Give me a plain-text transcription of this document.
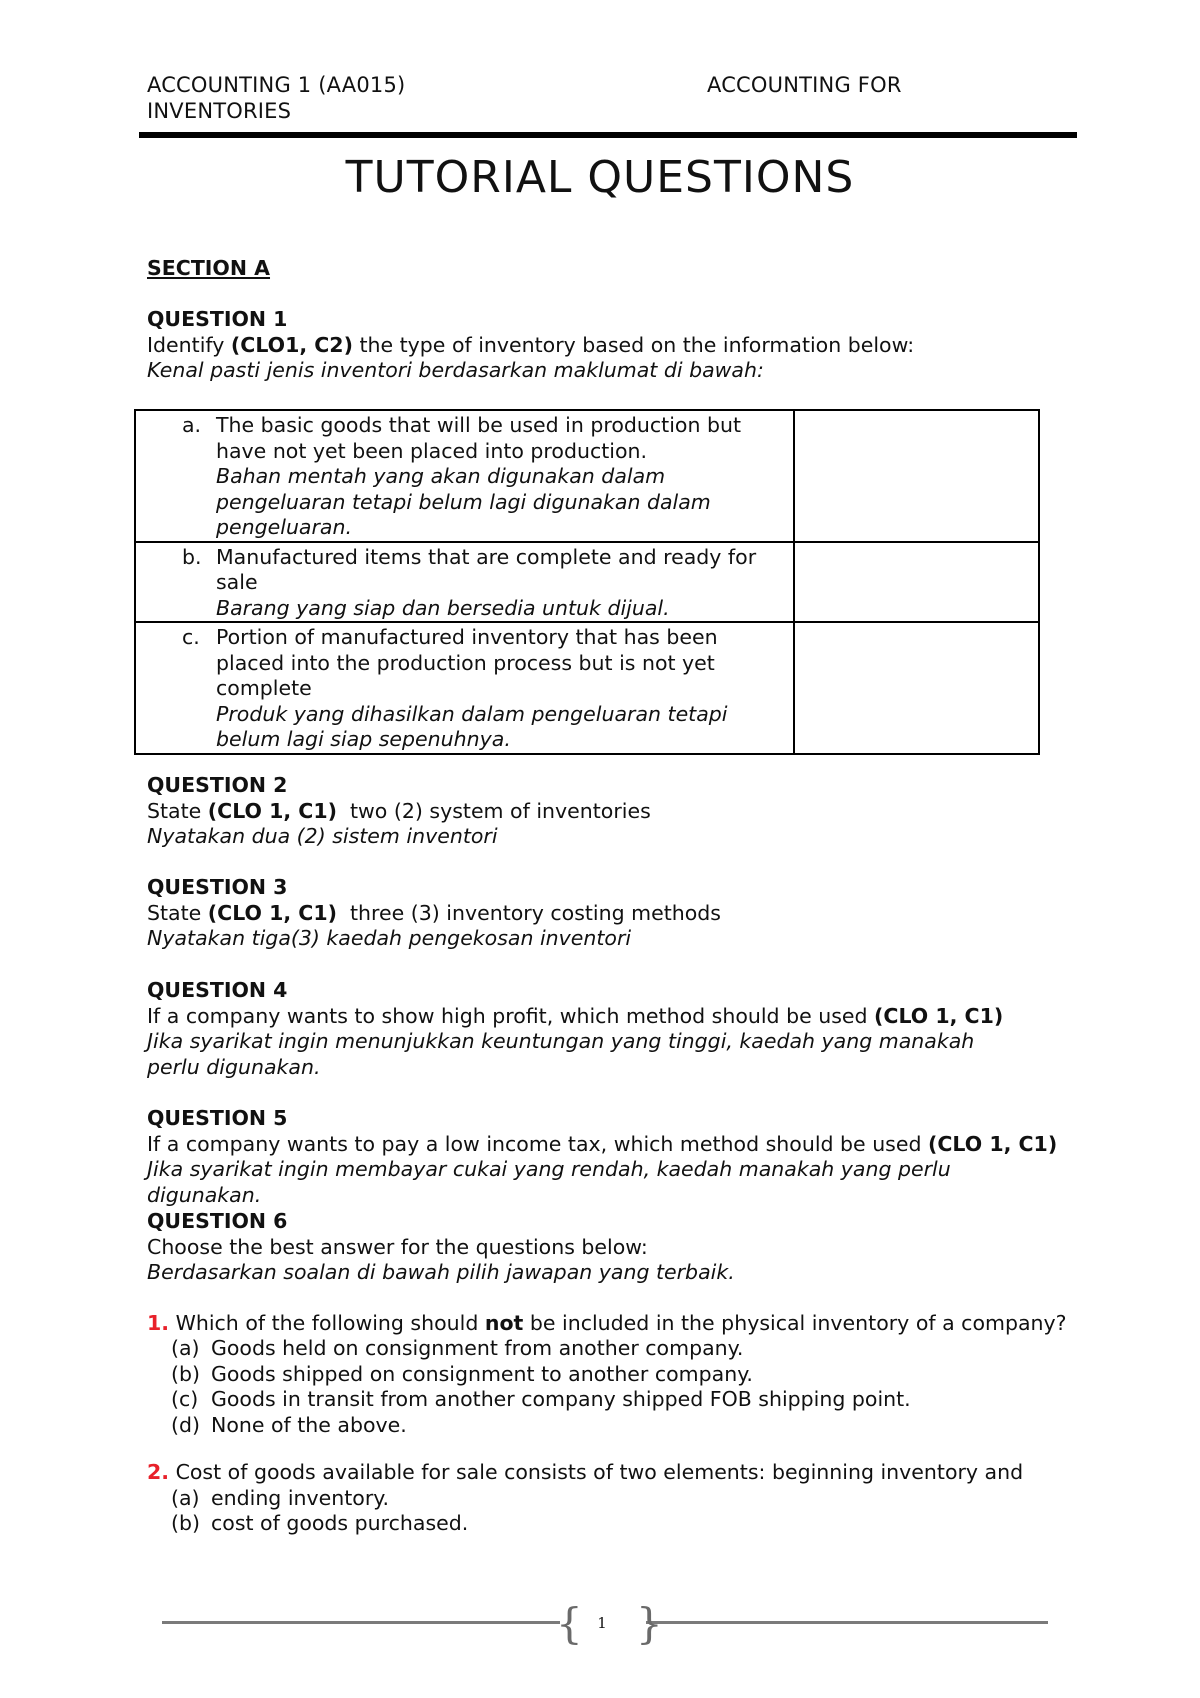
ACCOUNTING 1 (AA015)	ACCOUNTING FOR
INVENTORIES
TUTORIAL QUESTIONS
SECTION A
QUESTION 1
Identify (CLO1, C2) the type of inventory based on the information below:
Kenal pasti jenis inventori berdasarkan maklumat di bawah:
a. The basic goods that will be used in production but have not yet been placed into production.
Bahan mentah yang akan digunakan dalam pengeluaran tetapi belum lagi digunakan dalam pengeluaran.	

b. Manufactured items that are complete and ready for sale
Barang yang siap dan bersedia untuk dijual.	

c. Portion of manufactured inventory that has been placed into the production process but is not yet complete
Produk yang dihasilkan dalam pengeluaran tetapi belum lagi siap sepenuhnya.	

QUESTION 2
State (CLO 1, C1)  two (2) system of inventories
Nyatakan dua (2) sistem inventori
QUESTION 3
State (CLO 1, C1)  three (3) inventory costing methods
Nyatakan tiga(3) kaedah pengekosan inventori
QUESTION 4
If a company wants to show high profit, which method should be used (CLO 1, C1)
Jika syarikat ingin menunjukkan keuntungan yang tinggi, kaedah yang manakah perlu digunakan.
QUESTION 5
If a company wants to pay a low income tax, which method should be used (CLO 1, C1)
Jika syarikat ingin membayar cukai yang rendah, kaedah manakah yang perlu digunakan.
QUESTION 6
Choose the best answer for the questions below:
Berdasarkan soalan di bawah pilih jawapan yang terbaik.
1. Which of the following should not be included in the physical inventory of a company?
(a) Goods held on consignment from another company.
(b) Goods shipped on consignment to another company.
(c) Goods in transit from another company shipped FOB shipping point.
(d) None of the above.
2. Cost of goods available for sale consists of two elements: beginning inventory and
(a) ending inventory.
(b) cost of goods purchased.
{ }
1
